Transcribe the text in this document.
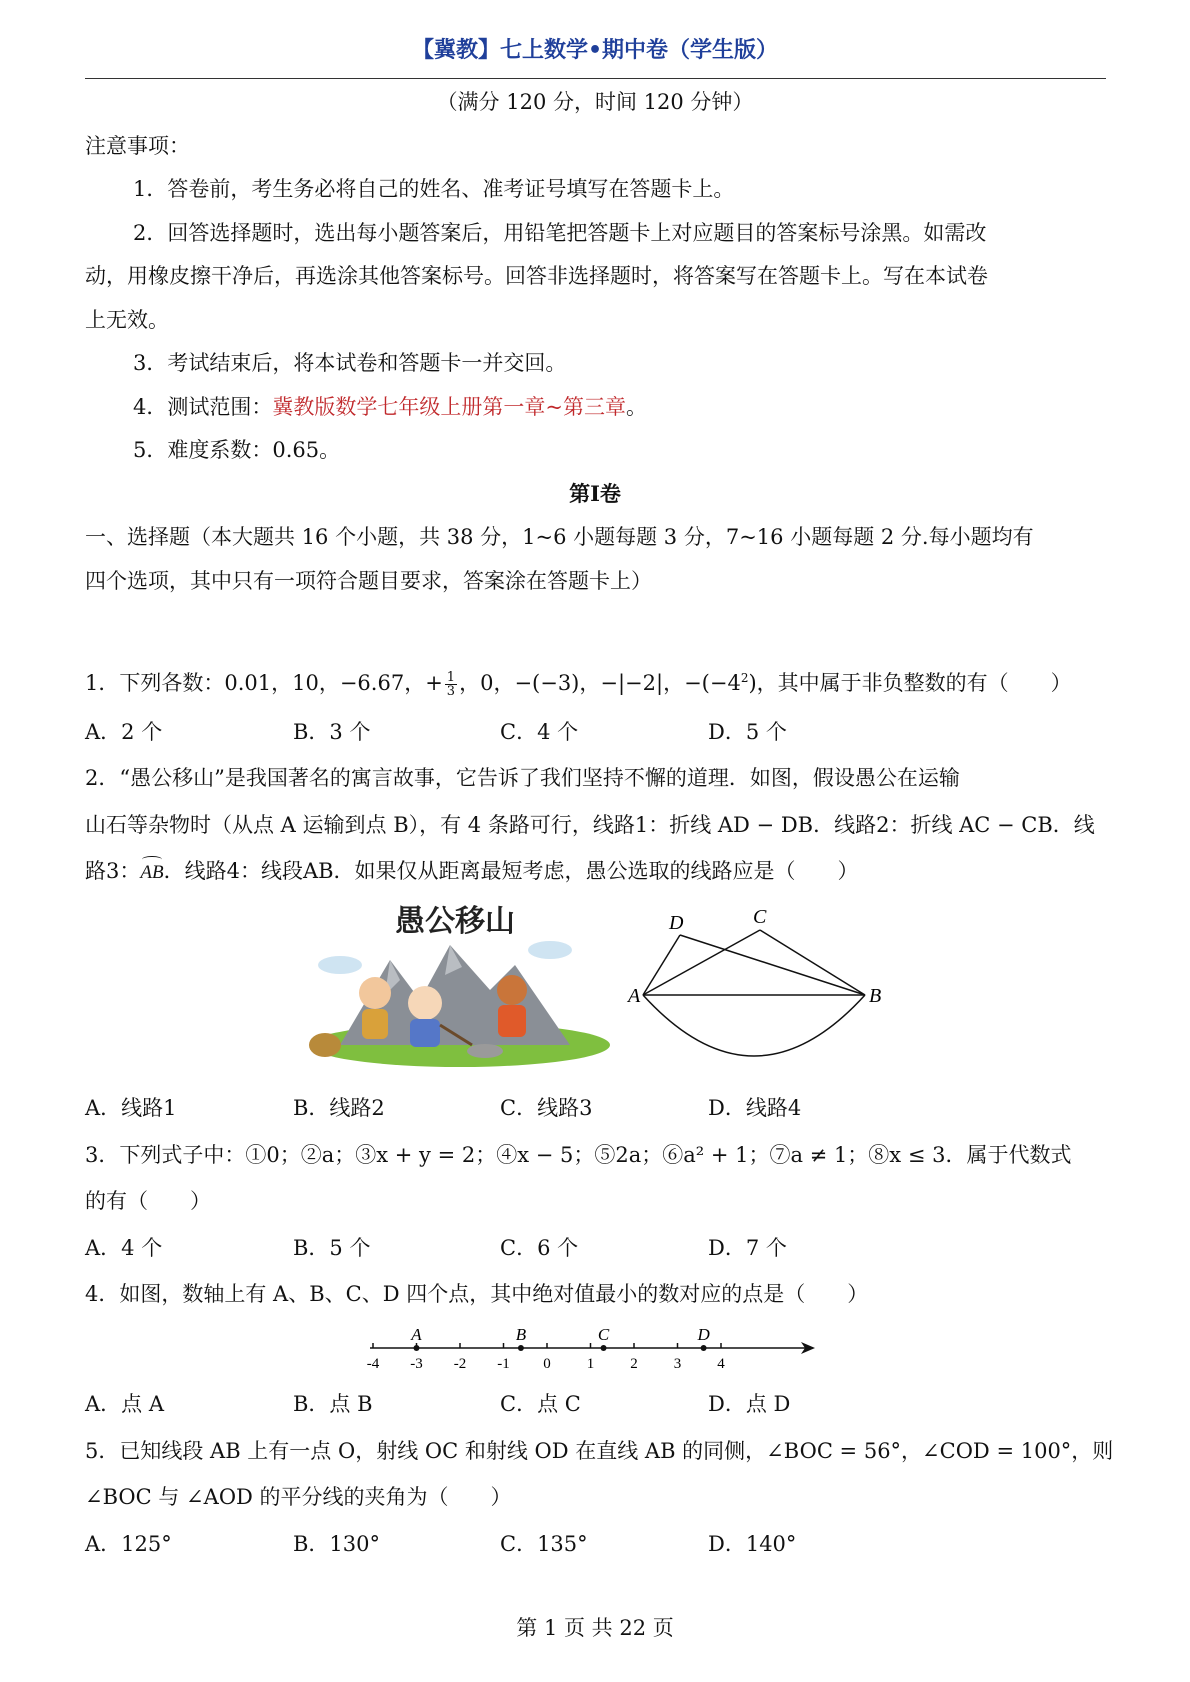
【冀教】七上数学•期中卷（学生版）
（满分 120 分，时间 120 分钟）
注意事项：
1．答卷前，考生务必将自己的姓名、准考证号填写在答题卡上。
2．回答选择题时，选出每小题答案后，用铅笔把答题卡上对应题目的答案标号涂黑。如需改
动，用橡皮擦干净后，再选涂其他答案标号。回答非选择题时，将答案写在答题卡上。写在本试卷
上无效。
3．考试结束后，将本试卷和答题卡一并交回。
4．测试范围：冀教版数学七年级上册第一章~第三章。
5．难度系数：0.65。
第Ⅰ卷
一、选择题（本大题共 16 个小题，共 38 分，1~6 小题每题 3 分，7~16 小题每题 2 分.每小题均有
四个选项，其中只有一项符合题目要求，答案涂在答题卡上）
1．下列各数：0.01，10，−6.67，+ $\frac{1}{3}$ ，0，−(−3)，−|−2|，$-(-4^2)$，其中属于非负整数的有（　　）
A．2 个	B．3 个	C．4 个	D．5 个
2．“愚公移山”是我国著名的寓言故事，它告诉了我们坚持不懈的道理．如图，假设愚公在运输
山石等杂物时（从点 A 运输到点 B），有 4 条路可行，线路1：折线 AD − DB．线路2：折线 AC − CB．线
路3：AB．线路4：线段AB．如果仅从距离最短考虑，愚公选取的线路应是（　　）
愚公移山
A	B
C
D
A．线路1	B．线路2	C．线路3	D．线路4
3．下列式子中：①0；②a；③x + y = 2；④x − 5；⑤2a；⑥a² + 1；⑦a ≠ 1；⑧x ≤ 3．属于代数式
的有（　　）
A．4 个	B．5 个	C．6 个	D．7 个
4．如图，数轴上有 A、B、C、D 四个点，其中绝对值最小的数对应的点是（　　）
-4 -3 -2 -1 0 1 2 3 4
A	B	C	D
A．点 A	B．点 B	C．点 C	D．点 D
5．已知线段 AB 上有一点 O，射线 OC 和射线 OD 在直线 AB 的同侧，∠BOC = 56°，∠COD = 100°，则
∠BOC 与 ∠AOD 的平分线的夹角为（　　）
A．125°	B．130°	C．135°	D．140°
第 1 页 共 22 页
